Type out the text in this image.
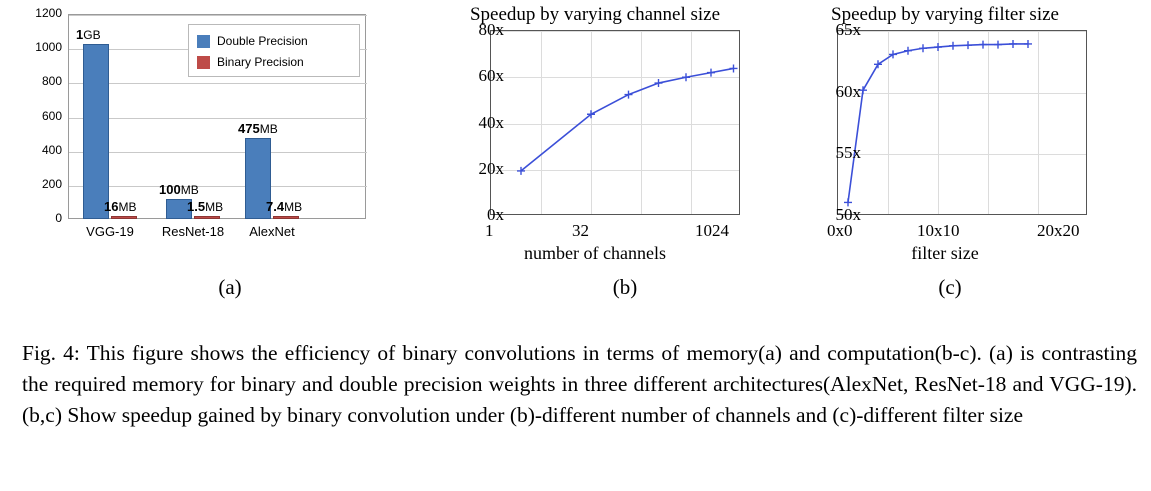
0
200
400
600
800
1000
1200
1GB
16MB
100MB
1.5MB
475MB
7.4MB
VGG-19	ResNet-18	AlexNet
Double Precision
Binary Precision
Speedup by varying channel size
0x
20x
40x
60x
80x
1	32	1024
number of channels
Speedup by varying filter size
50x
55x
60x
65x
0x0	10x10	20x20
filter size
(a)	(b)	(c)
Fig. 4: This figure shows the efficiency of binary convolutions in terms of memory(a) and computation(b-c). (a) is contrasting the required memory for binary and double precision weights in three different architectures(AlexNet, ResNet-18 and VGG-19). (b,c) Show speedup gained by binary convolution under (b)-different number of channels and (c)-different filter size
